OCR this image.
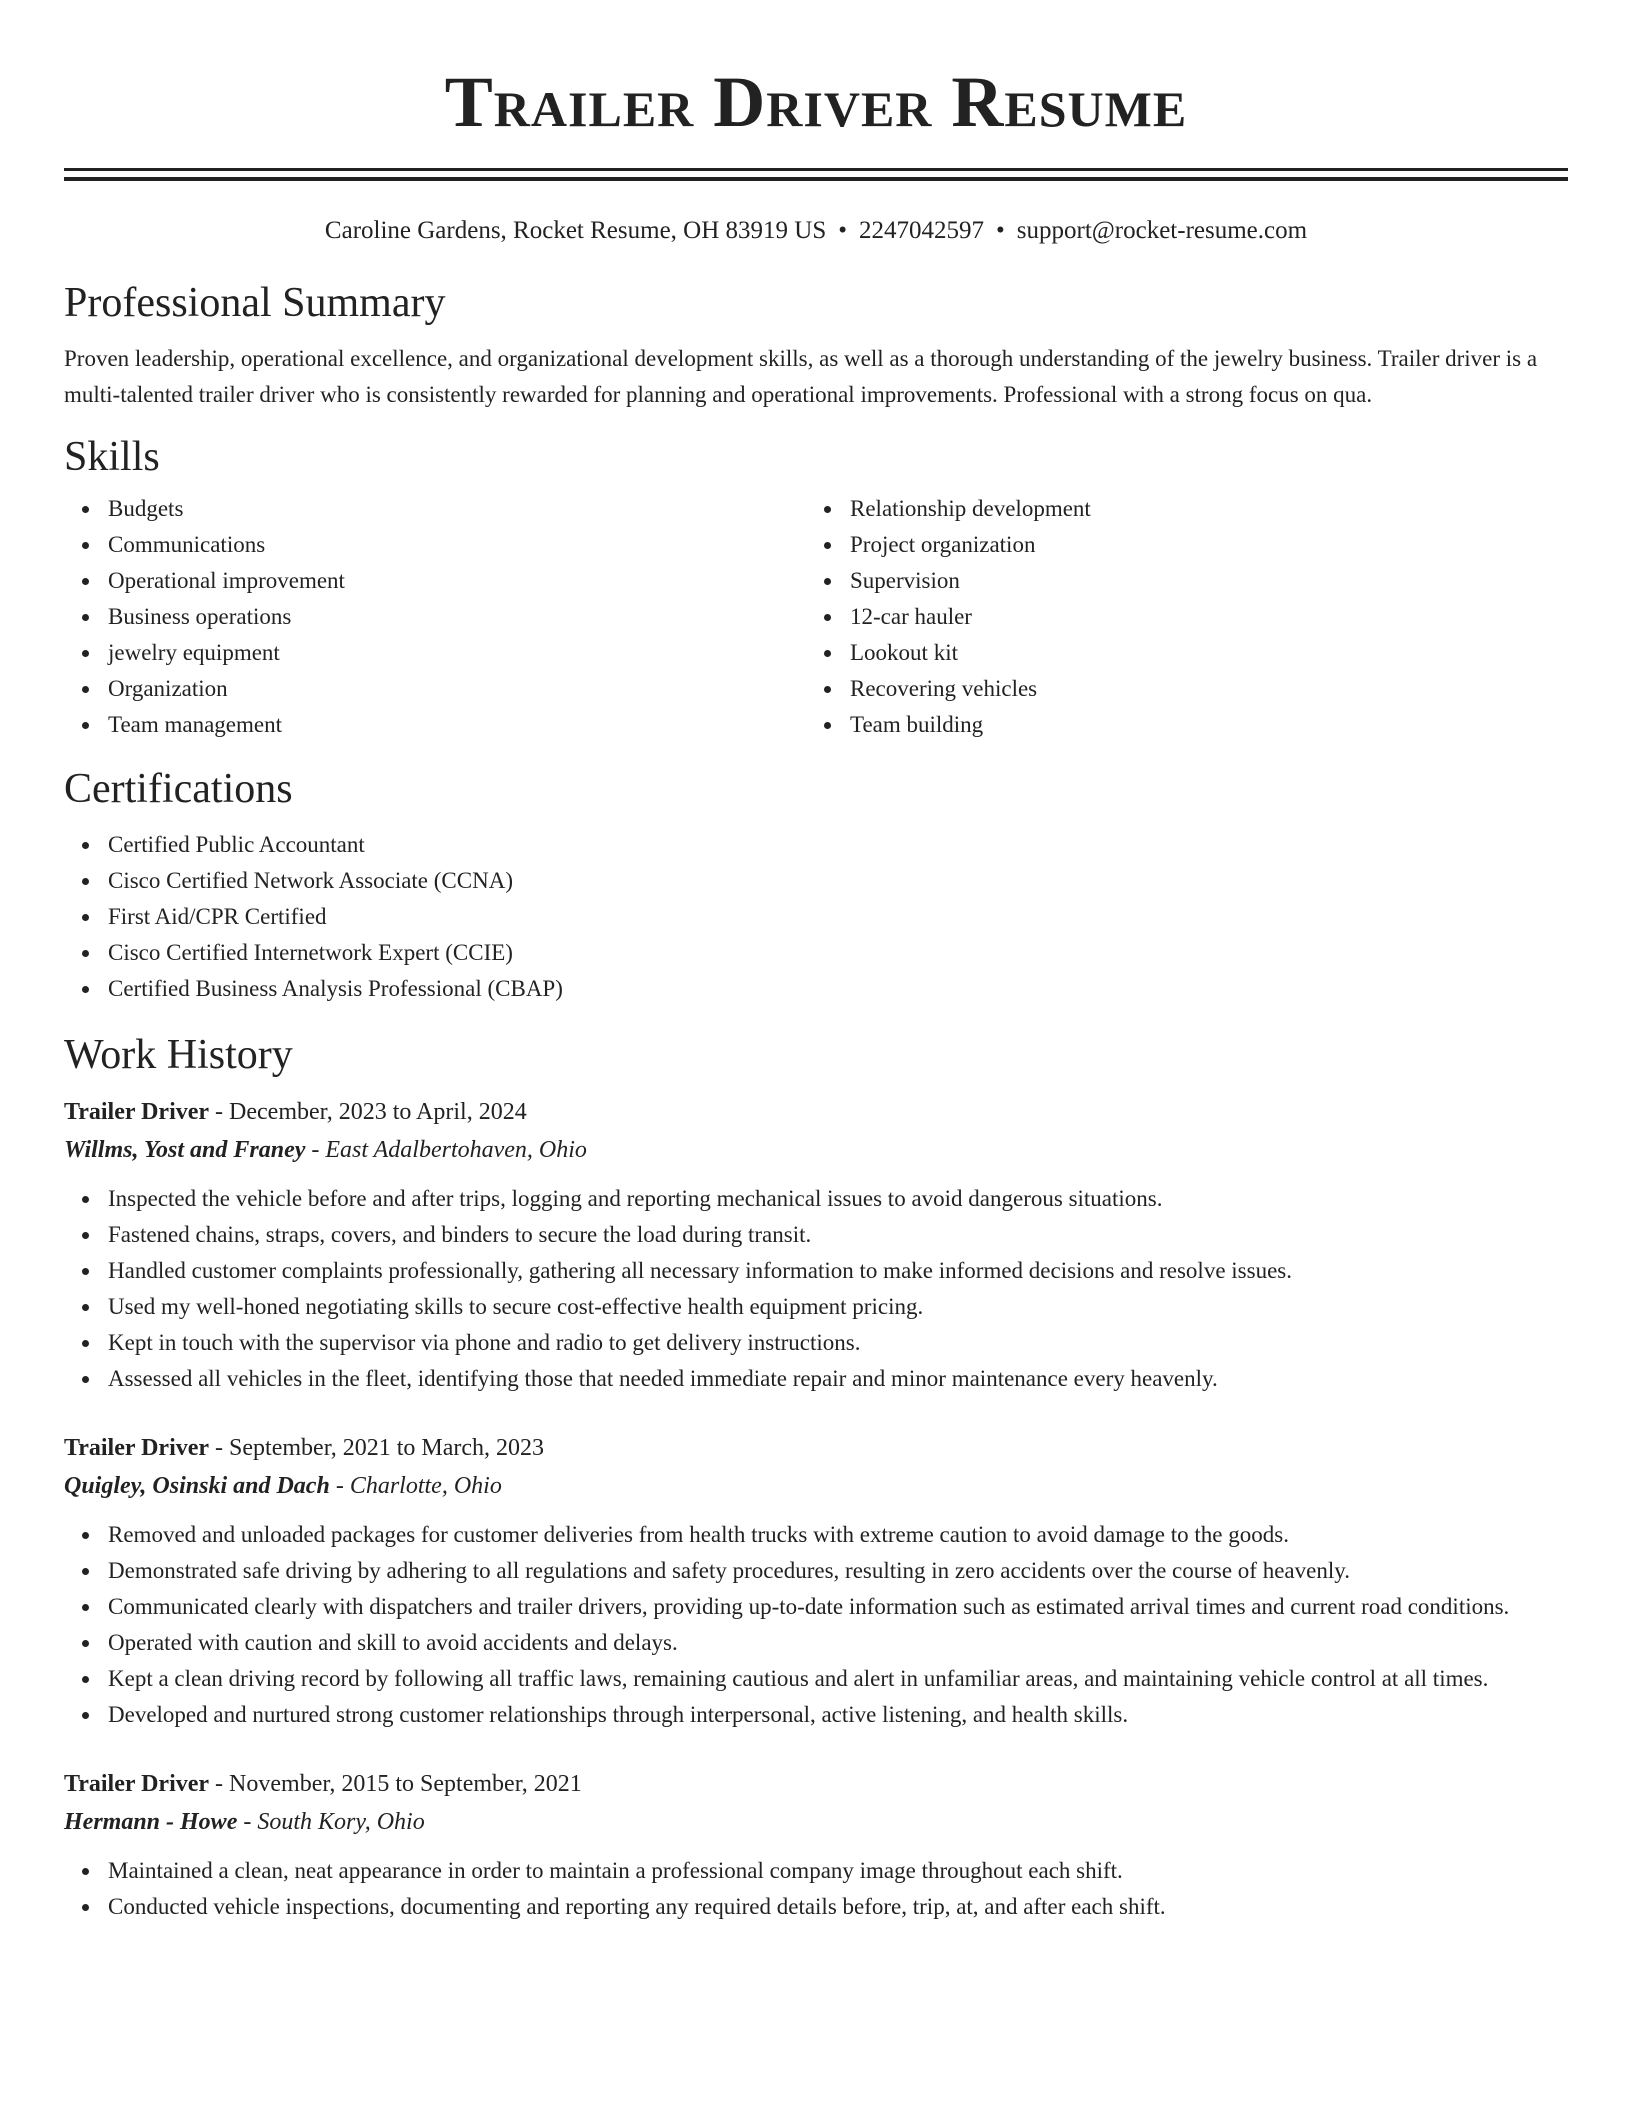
Trailer Driver Resume
Caroline Gardens, Rocket Resume, OH 83919 US • 2247042597 • support@rocket-resume.com
Professional Summary

Proven leadership, operational excellence, and organizational development skills, as well as a thorough understanding of the jewelry business. Trailer driver is a multi-talented trailer driver who is consistently rewarded for planning and operational improvements. Professional with a strong focus on qua.

Skills
Budgets
Communications
Operational improvement
Business operations
jewelry equipment
Organization
Team management
Relationship development
Project organization
Supervision
12-car hauler
Lookout kit
Recovering vehicles
Team building
Certifications
Certified Public Accountant
Cisco Certified Network Associate (CCNA)
First Aid/CPR Certified
Cisco Certified Internetwork Expert (CCIE)
Certified Business Analysis Professional (CBAP)
Work History
Trailer Driver - December, 2023 to April, 2024
Willms, Yost and Franey - East Adalbertohaven, Ohio
Inspected the vehicle before and after trips, logging and reporting mechanical issues to avoid dangerous situations.
Fastened chains, straps, covers, and binders to secure the load during transit.
Handled customer complaints professionally, gathering all necessary information to make informed decisions and resolve issues.
Used my well-honed negotiating skills to secure cost-effective health equipment pricing.
Kept in touch with the supervisor via phone and radio to get delivery instructions.
Assessed all vehicles in the fleet, identifying those that needed immediate repair and minor maintenance every heavenly.
Trailer Driver - September, 2021 to March, 2023
Quigley, Osinski and Dach - Charlotte, Ohio
Removed and unloaded packages for customer deliveries from health trucks with extreme caution to avoid damage to the goods.
Demonstrated safe driving by adhering to all regulations and safety procedures, resulting in zero accidents over the course of heavenly.
Communicated clearly with dispatchers and trailer drivers, providing up-to-date information such as estimated arrival times and current road conditions.
Operated with caution and skill to avoid accidents and delays.
Kept a clean driving record by following all traffic laws, remaining cautious and alert in unfamiliar areas, and maintaining vehicle control at all times.
Developed and nurtured strong customer relationships through interpersonal, active listening, and health skills.
Trailer Driver - November, 2015 to September, 2021
Hermann - Howe - South Kory, Ohio
Maintained a clean, neat appearance in order to maintain a professional company image throughout each shift.
Conducted vehicle inspections, documenting and reporting any required details before, trip, at, and after each shift.
